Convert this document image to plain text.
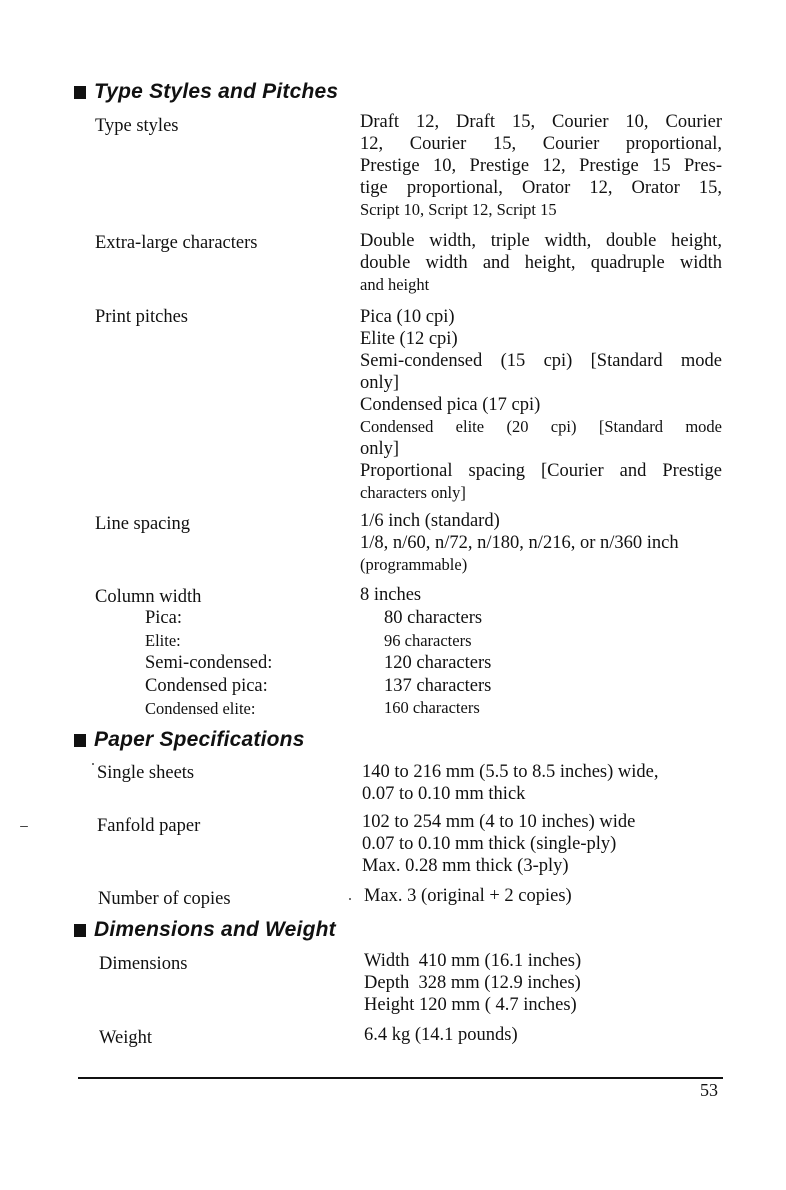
Type Styles and Pitches
Type styles	Draft 12, Draft 15, Courier 10, Courier
12, Courier 15, Courier proportional,
Prestige 10, Prestige 12, Prestige 15 Pres-
tige proportional, Orator 12, Orator 15,
Script 10, Script 12, Script 15
Extra-large characters	Double width, triple width, double height,
double width and height, quadruple width
and height
Print pitches	Pica (10 cpi)
Elite (12 cpi)
Semi-condensed (15 cpi) [Standard mode
only]
Condensed pica (17 cpi)
Condensed elite (20 cpi) [Standard mode
only]
Proportional spacing [Courier and Prestige
characters only]
Line spacing	1/6 inch (standard)
1/8, n/60, n/72, n/180, n/216, or n/360 inch
(programmable)
Column width	8 inches
Pica:	80 characters
Elite:	96 characters
Semi-condensed:	120 characters
Condensed pica:	137 characters
Condensed elite:	160 characters
Paper Specifications
Single sheets	140 to 216 mm (5.5 to 8.5 inches) wide,
0.07 to 0.10 mm thick
Fanfold paper	102 to 254 mm (4 to 10 inches) wide
0.07 to 0.10 mm thick (single-ply)
Max. 0.28 mm thick (3-ply)
Number of copies	Max. 3 (original + 2 copies)
Dimensions and Weight
Dimensions	Width  410 mm (16.1 inches)
Depth  328 mm (12.9 inches)
Height 120 mm ( 4.7 inches)
Weight	6.4 kg (14.1 pounds)
53
